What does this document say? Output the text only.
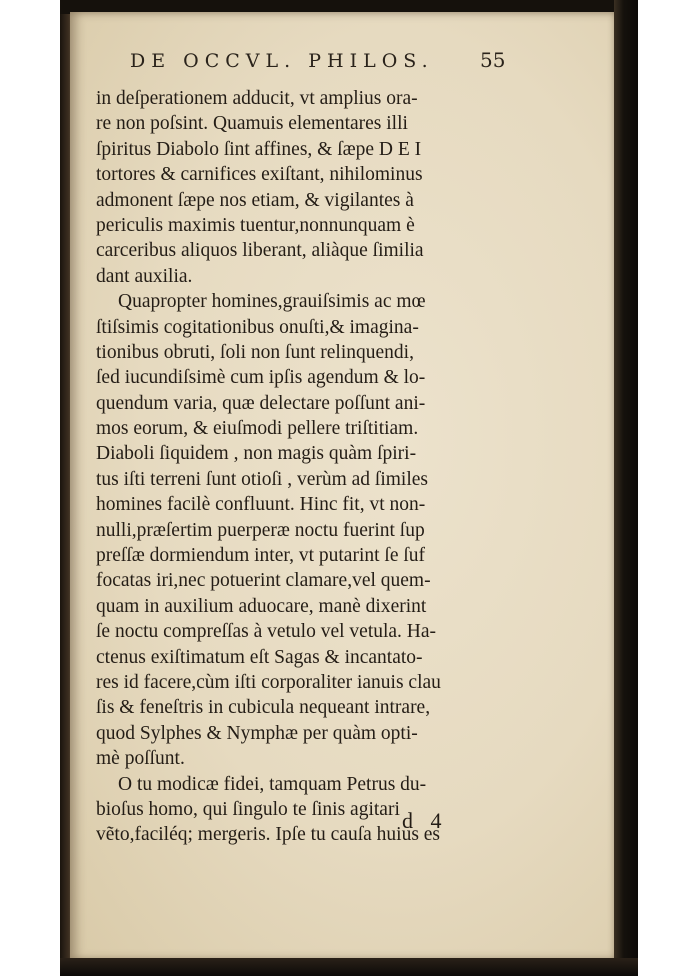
DE OCCVL. PHILOS. 55
in deſperationem adducit, vt amplius ora-
re non poſsint. Quamuis elementares illi
ſpiritus Diabolo ſint affines, & ſæpe D E I
tortores & carnifices exiſtant, nihilominus
admonent ſæpe nos etiam, & vigilantes à
periculis maximis tuentur,nonnunquam è
carceribus aliquos liberant, aliàque ſimilia
dant auxilia.
Quapropter homines,grauiſsimis ac mœ
ſtiſsimis cogitationibus onuſti,& imagina-
tionibus obruti, ſoli non ſunt relinquendi,
ſed iucundiſsimè cum ipſis agendum & lo-
quendum varia, quæ delectare poſſunt ani-
mos eorum, & eiuſmodi pellere triſtitiam.
Diaboli ſiquidem , non magis quàm ſpiri-
tus iſti terreni ſunt otioſi , verùm ad ſimiles
homines facilè confluunt. Hinc fit, vt non-
nulli,præſertim puerperæ noctu fuerint ſup
preſſæ dormiendum inter, vt putarint ſe ſuf
focatas iri,nec potuerint clamare,vel quem-
quam in auxilium aduocare, manè dixerint
ſe noctu compreſſas à vetulo vel vetula. Ha-
ctenus exiſtimatum eſt Sagas & incantato-
res id facere,cùm iſti corporaliter ianuis clau
ſis & feneſtris in cubicula nequeant intrare,
quod Sylphes & Nymphæ per quàm opti-
mè poſſunt.
O tu modicæ fidei, tamquam Petrus du-
bioſus homo, qui ſingulo te ſinis agitari
vẽto,faciléq; mergeris. Ipſe tu cauſa huius es
d 4
